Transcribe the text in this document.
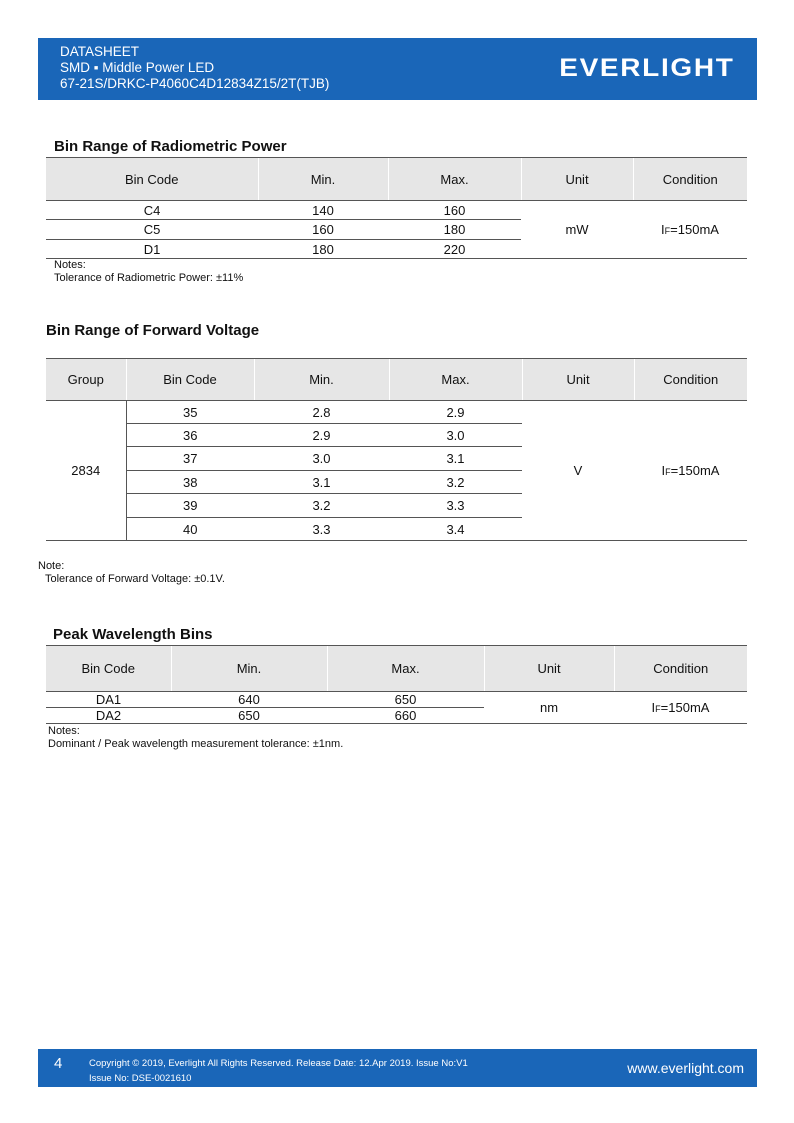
DATASHEET
SMD ▪ Middle Power LED
67-21S/DRKC-P4060C4D12834Z15/2T(TJB)
EVERLIGHT
Bin Range of Radiometric Power
Bin Code	Min.	Max.	Unit	Condition
C4	140	160	mW	IF=150mA
C5	160	180		
D1	180	220		
Notes:
Tolerance of Radiometric Power: ±11%
Bin Range of Forward Voltage
Group	Bin Code	Min.	Max.	Unit	Condition
2834	35	2.8	2.9	V	IF=150mA
	36	2.9	3.0		
	37	3.0	3.1		
	38	3.1	3.2		
	39	3.2	3.3		
	40	3.3	3.4		
Note:
Tolerance of Forward Voltage: ±0.1V.
Peak Wavelength Bins
Bin Code	Min.	Max.	Unit	Condition
DA1	640	650	nm	IF=150mA
DA2	650	660		
Notes:
Dominant / Peak wavelength measurement tolerance: ±1nm.
4	Copyright © 2019, Everlight All Rights Reserved. Release Date: 12.Apr 2019. Issue No:V1
Issue No: DSE-0021610
www.everlight.com
